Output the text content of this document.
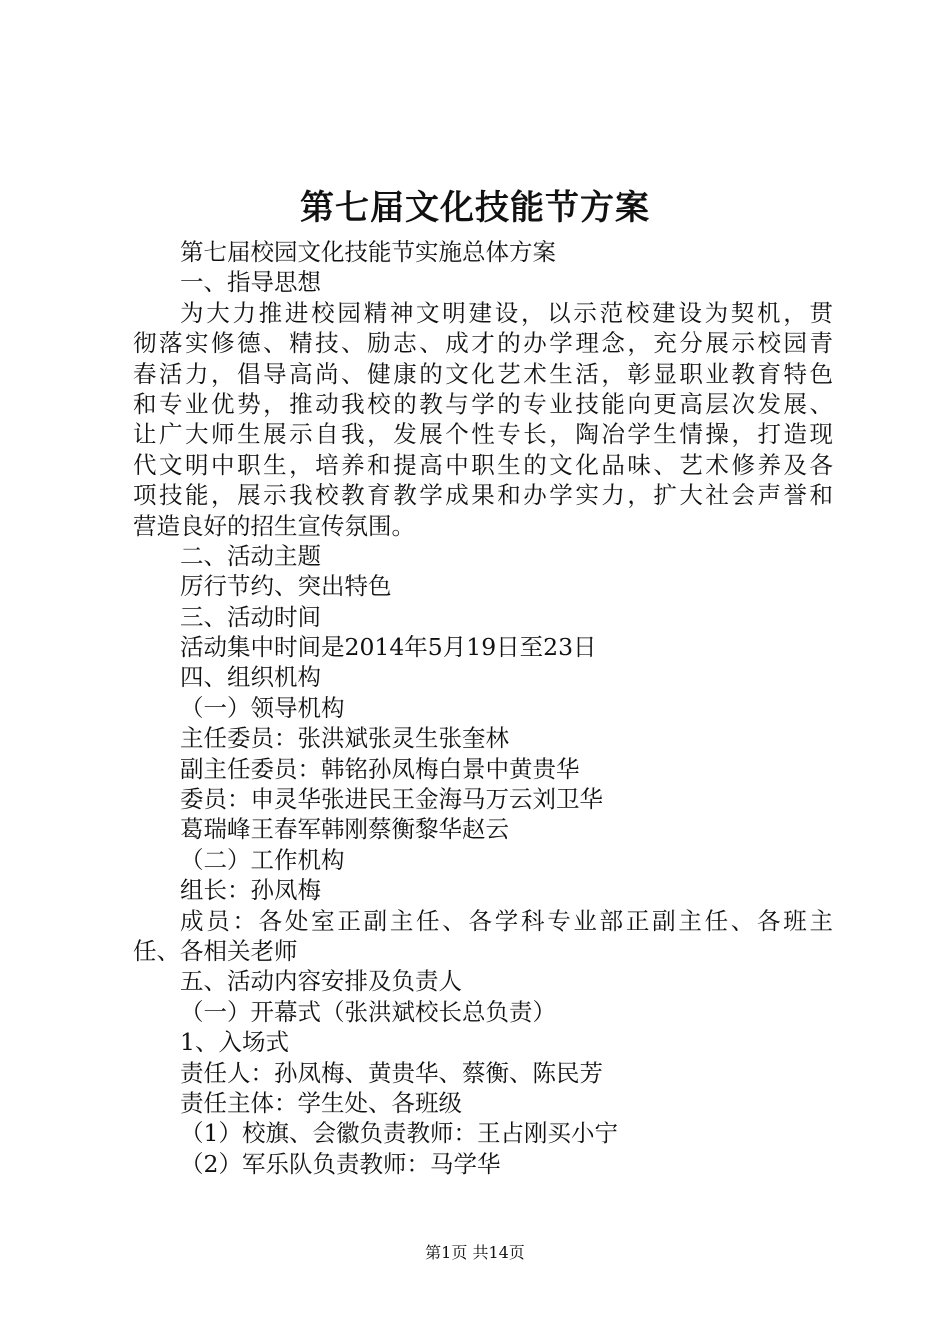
第七届文化技能节方案
第七届校园文化技能节实施总体方案
一、指导思想
为大力推进校园精神文明建设，以示范校建设为契机，贯
彻落实修德、精技、励志、成才的办学理念，充分展示校园青
春活力，倡导高尚、健康的文化艺术生活，彰显职业教育特色
和专业优势，推动我校的教与学的专业技能向更高层次发展、
让广大师生展示自我，发展个性专长，陶冶学生情操，打造现
代文明中职生，培养和提高中职生的文化品味、艺术修养及各
项技能，展示我校教育教学成果和办学实力，扩大社会声誉和
营造良好的招生宣传氛围。
二、活动主题
厉行节约、突出特色
三、活动时间
活动集中时间是2014年5月19日至23日
四、组织机构
（一）领导机构
主任委员：张洪斌张灵生张奎林
副主任委员：韩铭孙凤梅白景中黄贵华
委员：申灵华张进民王金海马万云刘卫华
葛瑞峰王春军韩刚蔡衡黎华赵云
（二）工作机构
组长：孙凤梅
成员：各处室正副主任、各学科专业部正副主任、各班主
任、各相关老师
五、活动内容安排及负责人
（一）开幕式（张洪斌校长总负责）
1、入场式
责任人：孙凤梅、黄贵华、蔡衡、陈民芳
责任主体：学生处、各班级
（1）校旗、会徽负责教师：王占刚买小宁
（2）军乐队负责教师：马学华
第1页 共14页
